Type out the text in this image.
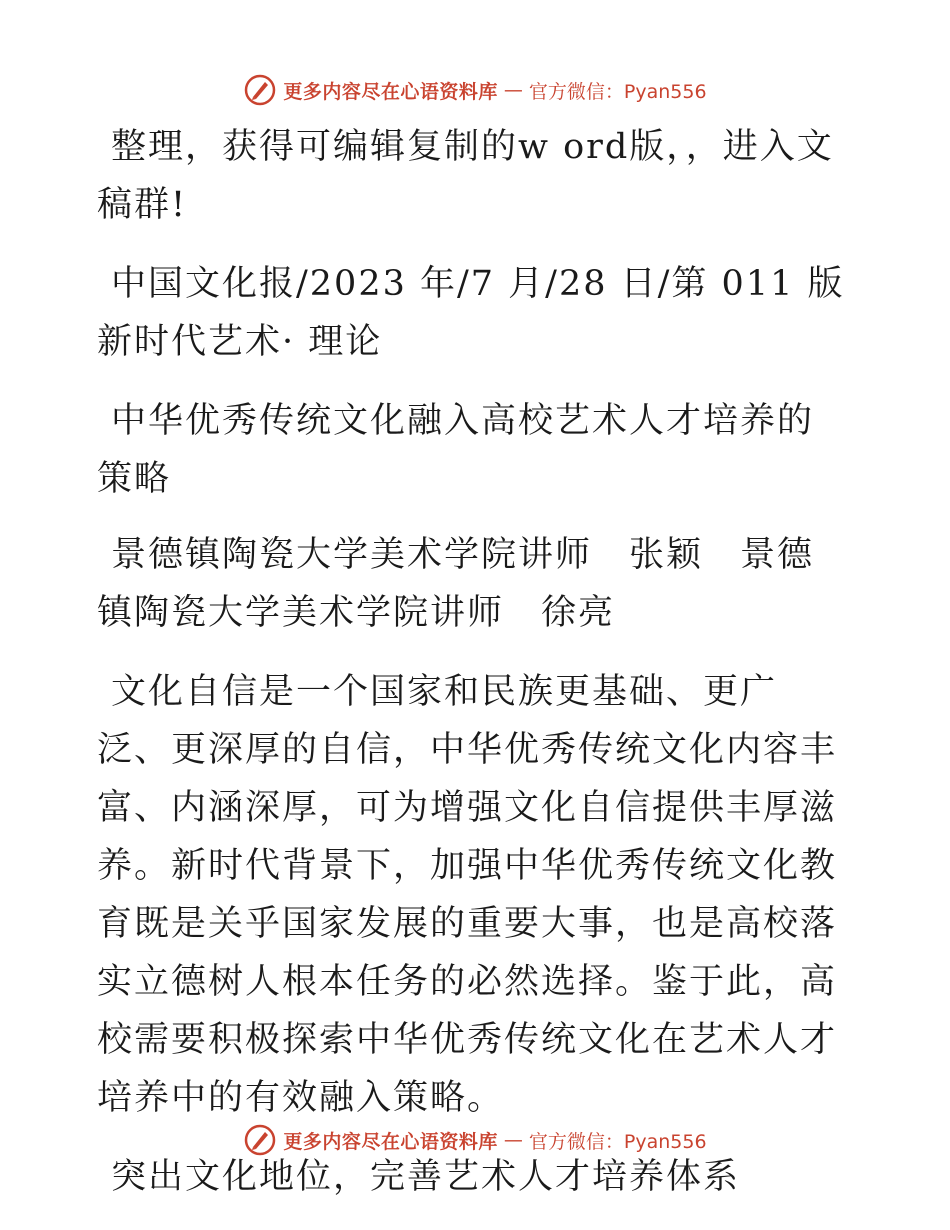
更多内容尽在心语资料库 — 官方微信：Pyan556

整理，获得可编辑复制的w ord版，，进入文稿群!

中国文化报/2023 年/7 月/28 日/第 011 版新时代艺术· 理论

中华优秀传统文化融入高校艺术人才培养的策略

景德镇陶瓷大学美术学院讲师　张颖　景德镇陶瓷大学美术学院讲师　徐亮

文化自信是一个国家和民族更基础、更广泛、更深厚的自信，中华优秀传统文化内容丰富、内涵深厚，可为增强文化自信提供丰厚滋养。新时代背景下，加强中华优秀传统文化教育既是关乎国家发展的重要大事，也是高校落实立德树人根本任务的必然选择。鉴于此，高校需要积极探索中华优秀传统文化在艺术人才培养中的有效融入策略。

突出文化地位，完善艺术人才培养体系

更多内容尽在心语资料库 — 官方微信：Pyan556
